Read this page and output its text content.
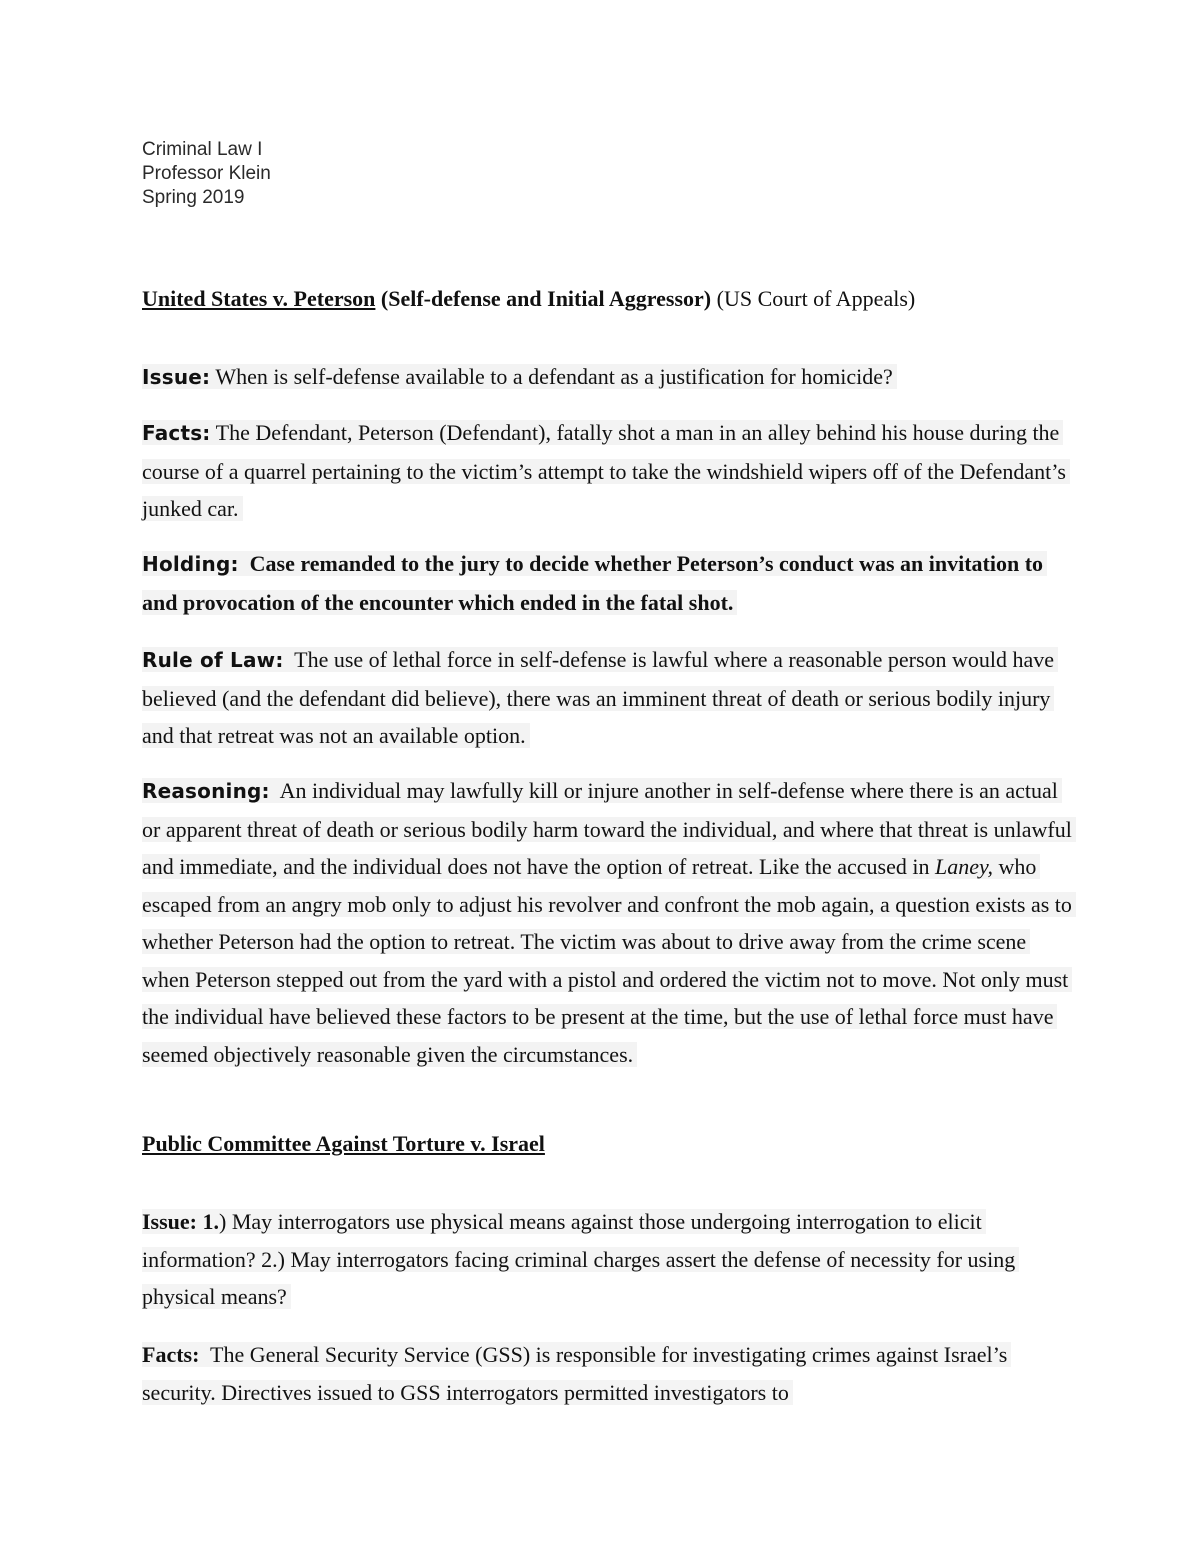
Criminal Law I
Professor Klein
Spring 2019
United States v. Peterson (Self-defense and Initial Aggressor) (US Court of Appeals)
Issue: When is self-defense available to a defendant as a justification for homicide?
Facts: The Defendant, Peterson (Defendant), fatally shot a man in an alley behind his house during the course of a quarrel pertaining to the victim’s attempt to take the windshield wipers off of the Defendant’s junked car.
Holding: Case remanded to the jury to decide whether Peterson’s conduct was an invitation to and provocation of the encounter which ended in the fatal shot.
Rule of Law: The use of lethal force in self-defense is lawful where a reasonable person would have believed (and the defendant did believe), there was an imminent threat of death or serious bodily injury and that retreat was not an available option.
Reasoning: An individual may lawfully kill or injure another in self-defense where there is an actual or apparent threat of death or serious bodily harm toward the individual, and where that threat is unlawful and immediate, and the individual does not have the option of retreat. Like the accused in Laney, who escaped from an angry mob only to adjust his revolver and confront the mob again, a question exists as to whether Peterson had the option to retreat. The victim was about to drive away from the crime scene when Peterson stepped out from the yard with a pistol and ordered the victim not to move. Not only must the individual have believed these factors to be present at the time, but the use of lethal force must have seemed objectively reasonable given the circumstances.
Public Committee Against Torture v. Israel
Issue: 1.) May interrogators use physical means against those undergoing interrogation to elicit information? 2.) May interrogators facing criminal charges assert the defense of necessity for using physical means?
Facts: The General Security Service (GSS) is responsible for investigating crimes against Israel’s security. Directives issued to GSS interrogators permitted investigators to
